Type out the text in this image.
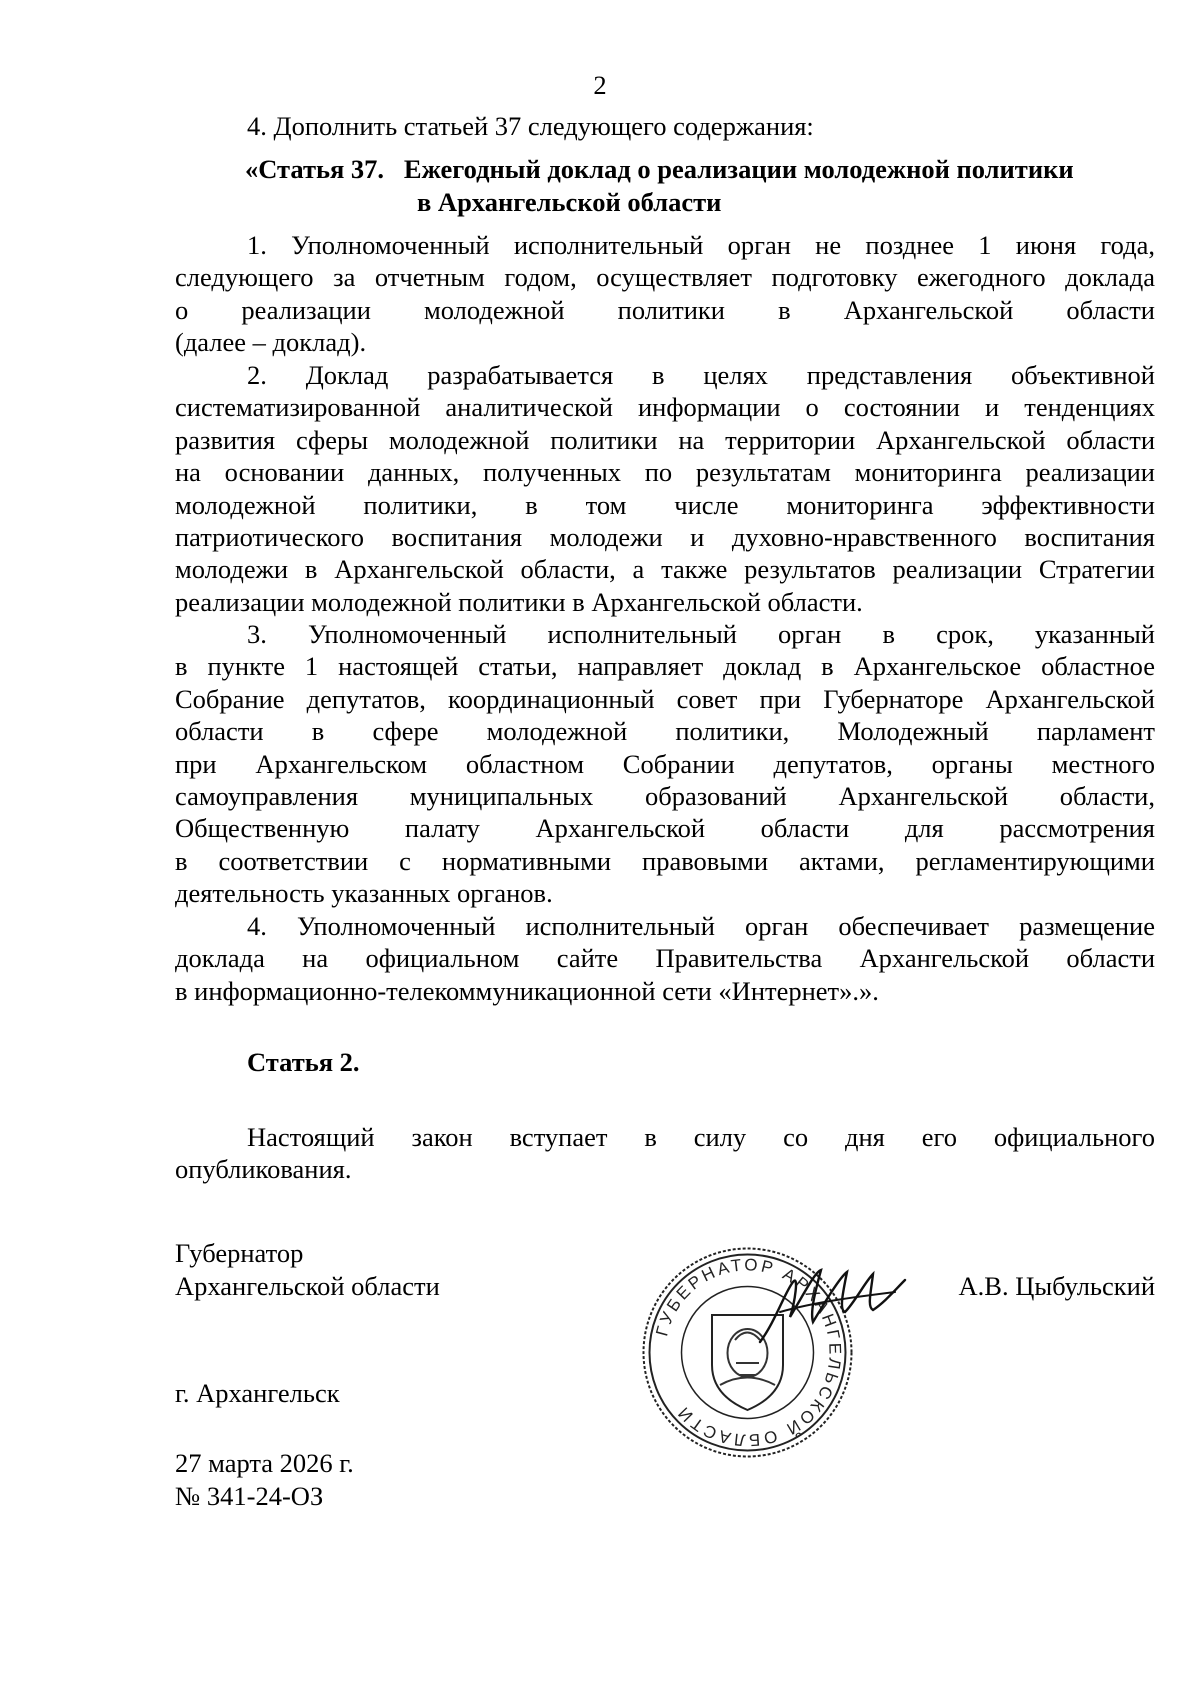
2
4. Дополнить статьей 37 следующего содержания:
«Статья 37.   Ежегодный доклад о реализации молодежной политики
в Архангельской области
1. Уполномоченный исполнительный орган не позднее 1 июня года,
следующего за отчетным годом, осуществляет подготовку ежегодного доклада
о реализации молодежной политики в Архангельской области
(далее – доклад).
2. Доклад разрабатывается в целях представления объективной
систематизированной аналитической информации о состоянии и тенденциях
развития сферы молодежной политики на территории Архангельской области
на основании данных, полученных по результатам мониторинга реализации
молодежной политики, в том числе мониторинга эффективности
патриотического воспитания молодежи и духовно-нравственного воспитания
молодежи в Архангельской области, а также результатов реализации Стратегии
реализации молодежной политики в Архангельской области.
3. Уполномоченный исполнительный орган в срок, указанный
в пункте 1 настоящей статьи, направляет доклад в Архангельское областное
Собрание депутатов, координационный совет при Губернаторе Архангельской
области в сфере молодежной политики, Молодежный парламент
при Архангельском областном Собрании депутатов, органы местного
самоуправления муниципальных образований Архангельской области,
Общественную палату Архангельской области для рассмотрения
в соответствии с нормативными правовыми актами, регламентирующими
деятельность указанных органов.
4. Уполномоченный исполнительный орган обеспечивает размещение
доклада на официальном сайте Правительства Архангельской области
в информационно-телекоммуникационной сети «Интернет».».
Статья 2.
Настоящий закон вступает в силу со дня его официального
опубликования.
Губернатор
Архангельской области	А.В. Цыбульский
г. Архангельск
27 марта 2026 г.
№ 341-24-ОЗ
ГУБЕРНАТОР АРХАНГЕЛЬСКОЙ ОБЛАСТИ
